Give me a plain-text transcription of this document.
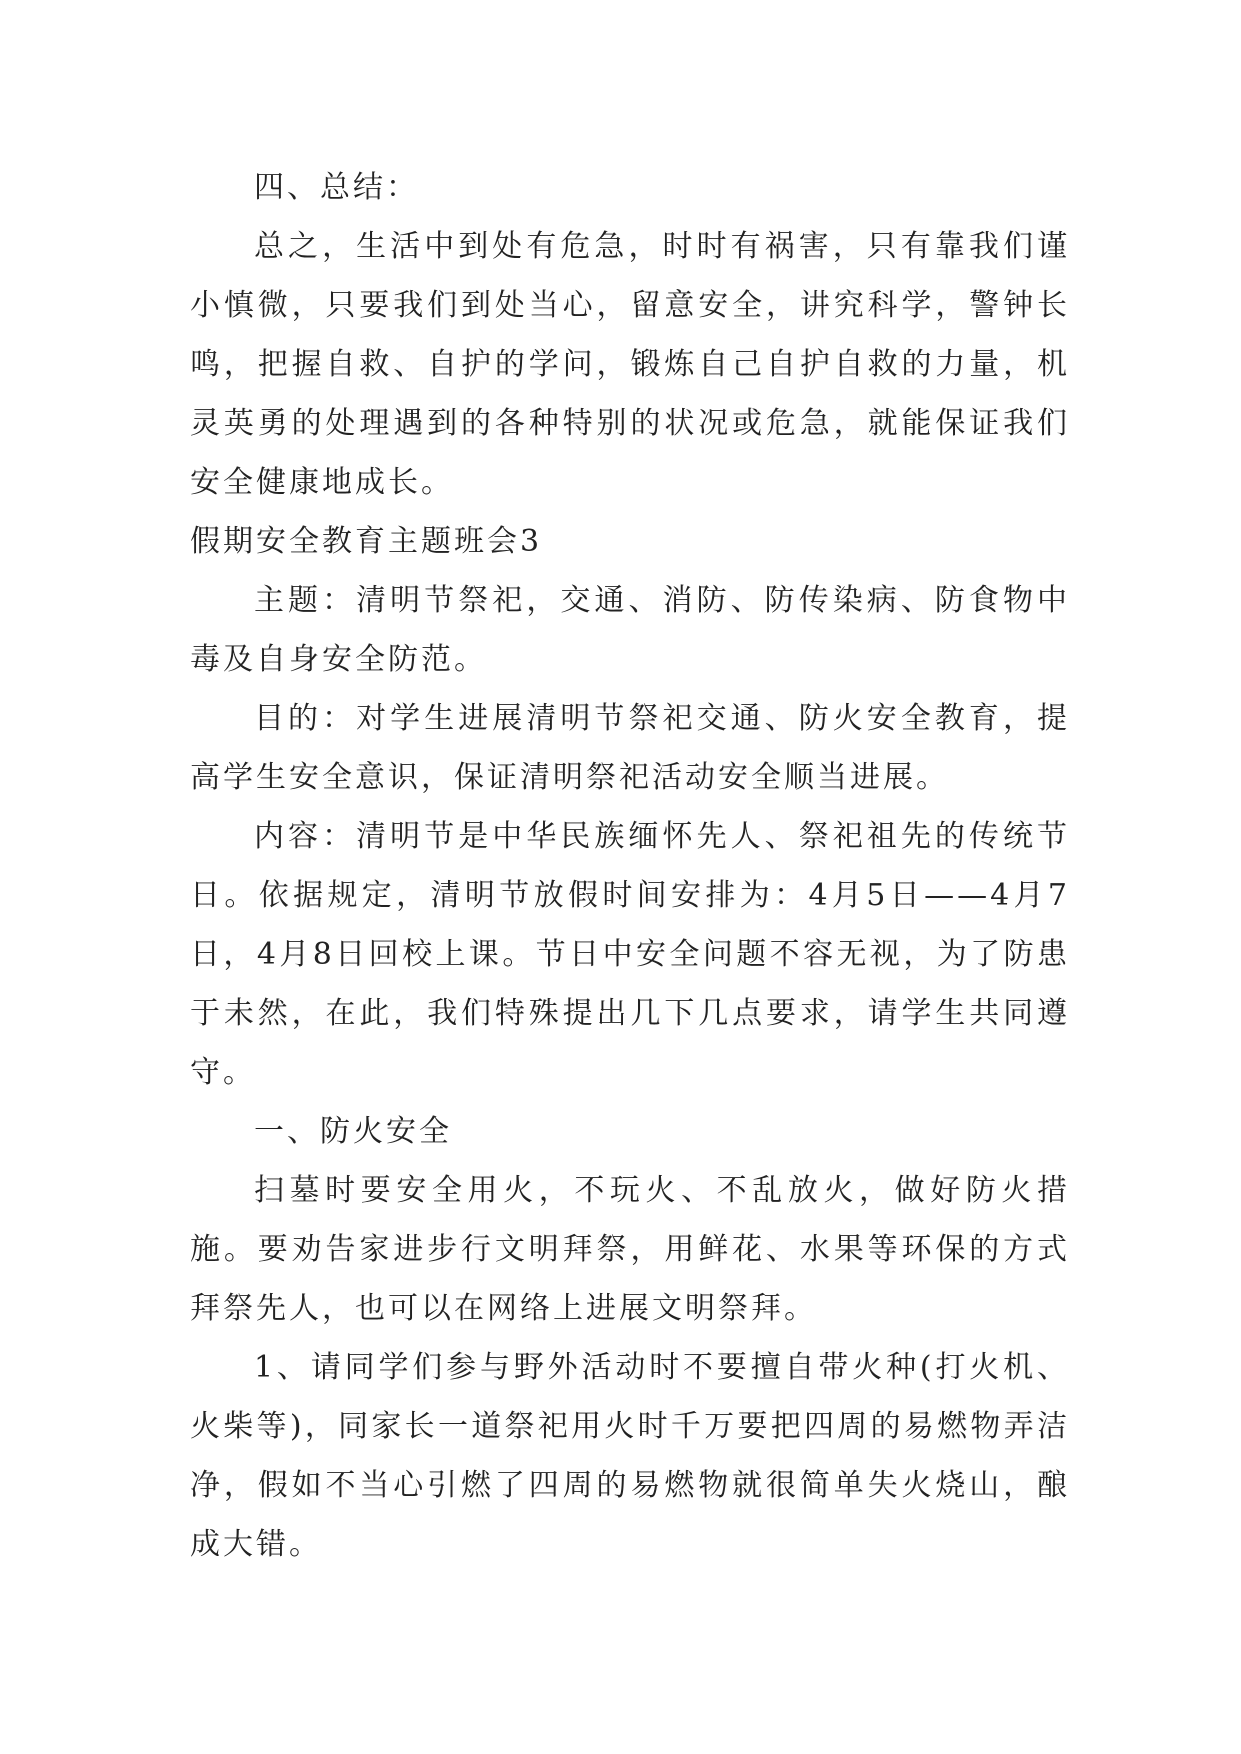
四、总结：

总之，生活中到处有危急，时时有祸害，只有靠我们谨小慎微，只要我们到处当心，留意安全，讲究科学，警钟长鸣，把握自救、自护的学问，锻炼自己自护自救的力量，机灵英勇的处理遇到的各种特别的状况或危急，就能保证我们安全健康地成长。

假期安全教育主题班会3

主题：清明节祭祀，交通、消防、防传染病、防食物中毒及自身安全防范。

目的：对学生进展清明节祭祀交通、防火安全教育，提高学生安全意识，保证清明祭祀活动安全顺当进展。

内容：清明节是中华民族缅怀先人、祭祀祖先的传统节日。依据规定，清明节放假时间安排为：4月5日——4月7日，4月8日回校上课。节日中安全问题不容无视，为了防患于未然，在此，我们特殊提出几下几点要求，请学生共同遵守。

一、防火安全

扫墓时要安全用火，不玩火、不乱放火，做好防火措施。要劝告家进步行文明拜祭，用鲜花、水果等环保的方式拜祭先人，也可以在网络上进展文明祭拜。

1、请同学们参与野外活动时不要擅自带火种(打火机、火柴等)，同家长一道祭祀用火时千万要把四周的易燃物弄洁净，假如不当心引燃了四周的易燃物就很简单失火烧山，酿成大错。
